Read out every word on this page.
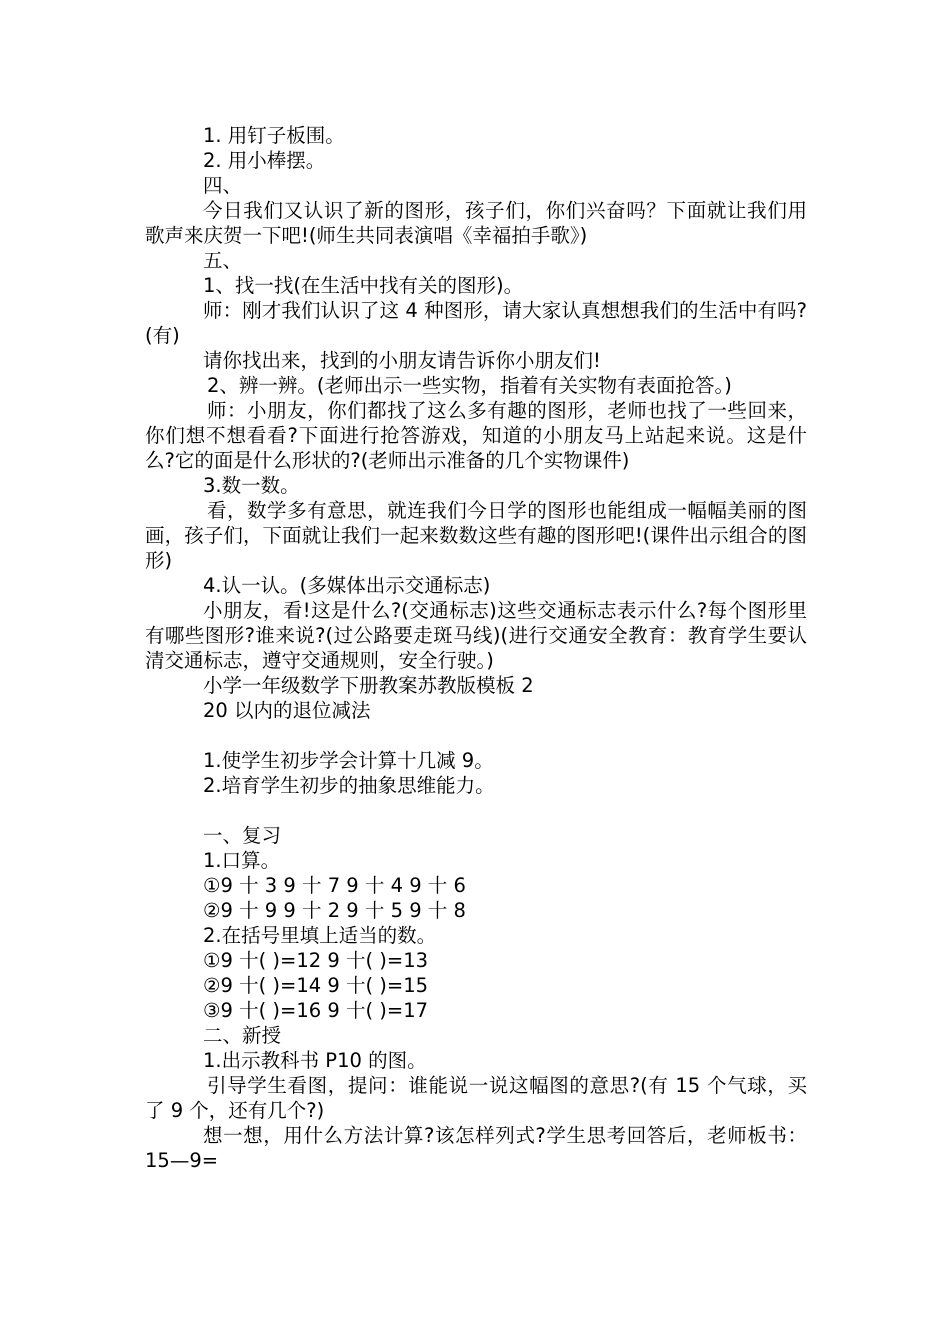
1. 用钉子板围。

2. 用小棒摆。

四、

今日我们又认识了新的图形，孩子们，你们兴奋吗？下面就让我们用歌声来庆贺一下吧!(师生共同表演唱《幸福拍手歌》)

五、

1、找一找(在生活中找有关的图形)。

师：刚才我们认识了这 4 种图形，请大家认真想想我们的生活中有吗?(有)

请你找出来，找到的小朋友请告诉你小朋友们!

2、辨一辨。(老师出示一些实物，指着有关实物有表面抢答。)

师：小朋友，你们都找了这么多有趣的图形，老师也找了一些回来，你们想不想看看?下面进行抢答游戏，知道的小朋友马上站起来说。这是什么?它的面是什么形状的?(老师出示准备的几个实物课件)

3.数一数。

看，数学多有意思，就连我们今日学的图形也能组成一幅幅美丽的图画，孩子们，下面就让我们一起来数数这些有趣的图形吧!(课件出示组合的图形)

4.认一认。(多媒体出示交通标志)

小朋友，看!这是什么?(交通标志)这些交通标志表示什么?每个图形里有哪些图形?谁来说?(过公路要走斑马线)(进行交通安全教育：教育学生要认清交通标志，遵守交通规则，安全行驶。)

小学一年级数学下册教案苏教版模板 2

20 以内的退位减法

1.使学生初步学会计算十几减 9。

2.培育学生初步的抽象思维能力。

一、复习

1.口算。

①9 十 3 9 十 7 9 十 4 9 十 6

②9 十 9 9 十 2 9 十 5 9 十 8

2.在括号里填上适当的数。

①9 十( )=12 9 十( )=13

②9 十( )=14 9 十( )=15

③9 十( )=16 9 十( )=17

二、新授

1.出示教科书 P10 的图。

引导学生看图，提问：谁能说一说这幅图的意思?(有 15 个气球，买了 9 个，还有几个?)

想一想，用什么方法计算?该怎样列式?学生思考回答后，老师板书：15—9=
